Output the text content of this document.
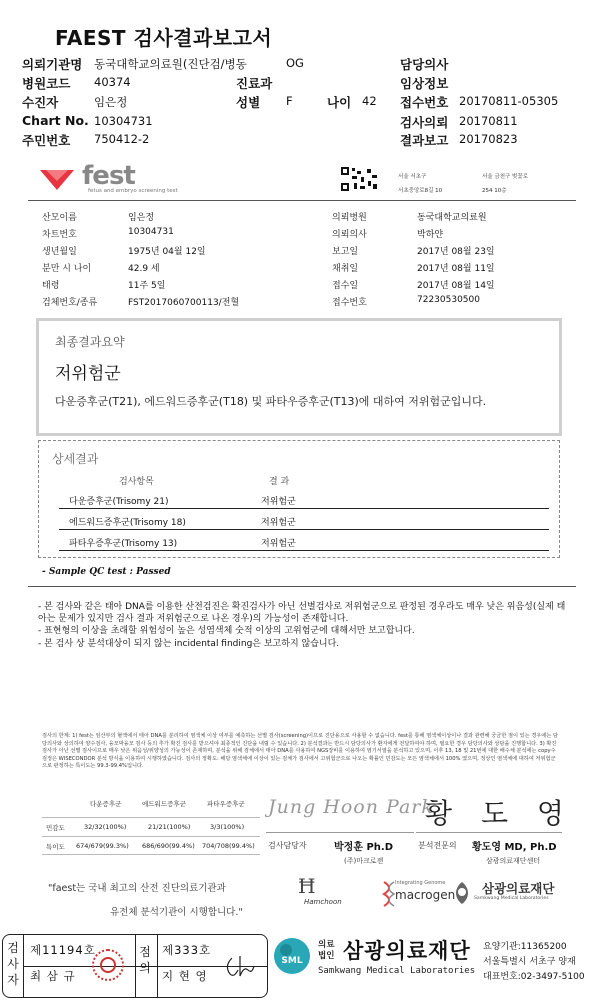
FAEST 검사결과보고서
의뢰기관명 동국대학교의료원(진단검/병동	OG	담당의사
병원코드 40374	진료과	임상정보
수진자	임은정	성별 F	나이 42 접수번호 20170811-05305
Chart No. 10304731	검사의뢰 20170811
주민번호 750412-2	결과보고 20170823
fest
fetus and embryo screening test
서울 서초구
서초중앙로8길 10
서울 금천구 벚꽃로
254 10층
산모이름	임은정
차트번호	10304731
생년월일	1975년 04월 12일
분만 시 나이	42.9 세
태령	11주 5일
검체번호/종류	FST2017060700113/전혈
의뢰병원	동국대학교의료원
의뢰의사	박하얀
보고일	2017년 08월 23일
채취일	2017년 08월 11일
접수일	2017년 08월 14일
접수번호	72230530500
최종결과요약
저위험군
다운증후군(T21), 에드워드증후군(T18) 및 파타우증후군(T13)에 대하여 저위험군입니다.
상세결과
검사항목	결 과
다운증후군(Trisomy 21)	저위험군
에드워드증후군(Trisomy 18)	저위험군
파타우증후군(Trisomy 13)	저위험군
- Sample QC test : Passed
- 본 검사와 같은 태아 DNA를 이용한 산전검진은 확진검사가 아닌 선별검사로 저위험군으로 판정된 경우라도 매우 낮은 위음성(실제 태아는 문제가 있지만 검사 결과 저위험군으로 나온 경우)의 가능성이 존재합니다.
- 표현형의 이상을 초래할 위험성이 높은 성염색체 숫적 이상의 고위험군에 대해서만 보고합니다.
- 본 검사 상 분석대상이 되지 않는 incidental finding은 보고하지 않습니다.
검사의 한계: 1) fest는 임산부의 혈액에서 태아 DNA를 분리하여 염색체 이상 여부를 예측하는 선별 검사(screening)이므로 진단용으로 사용할 수 없습니다. fest를 통해 염색체이상이나 결과 관련해 궁금한 점이 있는 경우에는 담당의사와 상의하여 양수검사, 융모막융모 검사 등의 추가 확진 검사를 받으셔야 최종적인 진단을 내릴 수 있습니다. 2) 분석결과는 반드시 담당의사가 환자에게 전달하여야 하며, 필요한 경우 담당의사와 상담을 진행합니다. 3) 확진검사가 아닌 선별 검사이므로 매우 낮은 위음성/위양성의 가능성이 존재하며, 분석을 위해 검체에서 태아 DNA를 사용하여 NGS장비를 이용하여 염기서열을 분석하고 있으며, 이후 13, 18 및 21번에 대한 배수체 분석에는 copy수 검정은 WISECONDOR 분석 방식을 이용하여 시행하였습니다. 검사의 정확도: 해당 염색체에 이상이 있는 검체가 검사에서 고위험군으로 나오는 확률인 민감도는 모든 염색체에서 100% 였으며, 정상인 염색체에 대하여 저위험군으로 판정하는 특이도는 99.3-99.4%입니다.
다운증후군	에드워드증후군	파타우증후군
민감도	32/32(100%)	21/21(100%)	3/3(100%)
특이도 674/679(99.3%) 686/690(99.4%) 704/708(99.4%)
Jung Hoon Park
황 도 영
검사담당자	박정훈 Ph.D
(주)마크로젠
분석전문의 황도영 MD, Ph.D
삼광의료재단센터
"faest는 국내 최고의 산전 진단의료기관과
유전체 분석기관이 시행합니다."
Ħ
Hamchoon
Integrating Genome
macrogen 삼광의료재단
Samkwang Medical Laboratories
검사자
제11194호
최 삼 규
점의
제333호
지 현 영
SML
의료
법인 삼광의료재단
Samkwang Medical Laboratories
요양기관:11365200
서울특별시 서초구 양재
대표번호:02-3497-5100
